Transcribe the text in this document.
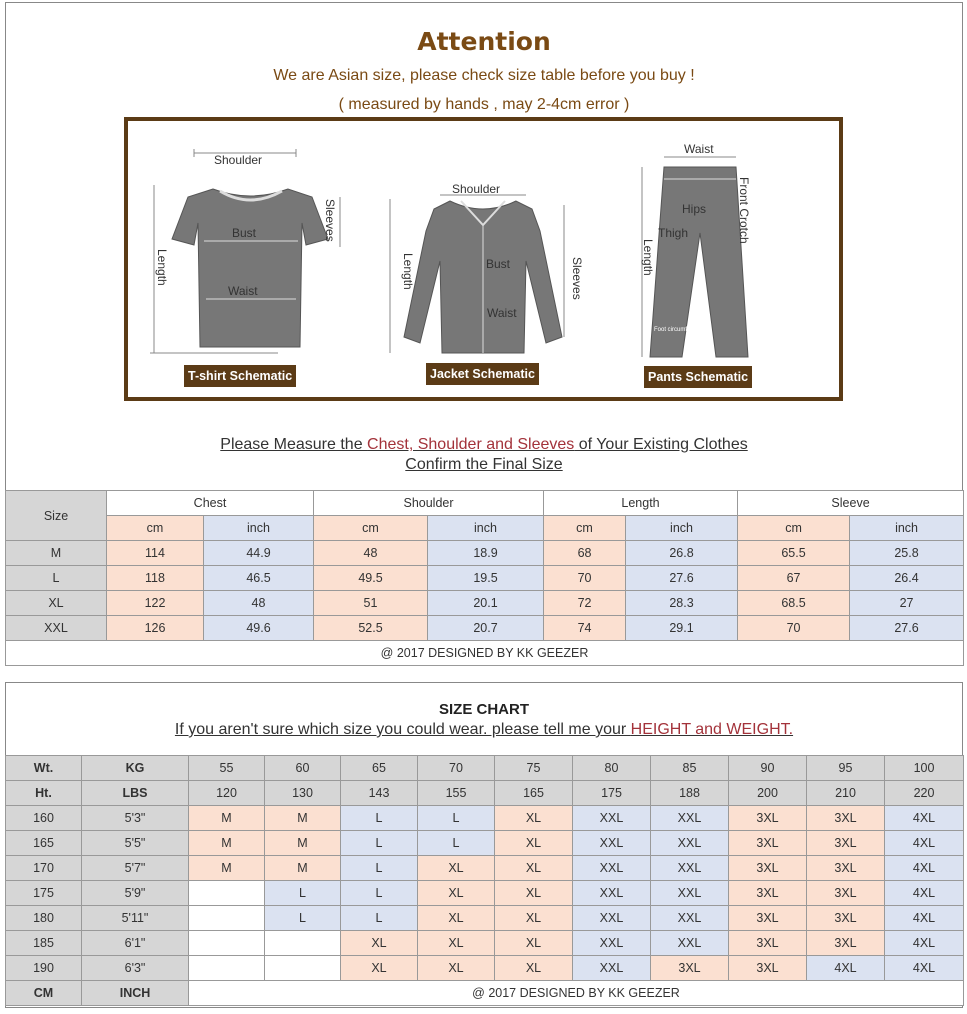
Attention
We are Asian size, please check size table before you buy !
( measured by hands , may 2-4cm error )
Shoulder
Bust
Waist
Length
Sleeves
Shoulder
Bust
Waist
Length	Sleeves
Waist
Hips
Thigh
Length
Front Crotch
Foot circumference
T-shirt Schematic	Jacket Schematic	Pants Schematic
Please Measure the Chest, Shoulder and Sleeves of Your Existing Clothes
Confirm the Final Size
Size	Chest		Shoulder		Length		Sleeve	
	cm	inch	cm	inch	cm	inch	cm	inch
M	114	44.9	48	18.9	68	26.8	65.5	25.8
L	118	46.5	49.5	19.5	70	27.6	67	26.4
XL	122	48	51	20.1	72	28.3	68.5	27
XXL	126	49.6	52.5	20.7	74	29.1	70	27.6
@ 2017 DESIGNED BY KK GEEZER								
SIZE CHART
If you aren't sure which size you could wear. please tell me your HEIGHT and WEIGHT.
Wt.	KG	55	60	65	70	75	80	85	90	95	100
Ht.	LBS	120	130	143	155	165	175	188	200	210	220
160	5'3"	M	M	L	L	XL	XXL	XXL	3XL	3XL	4XL
165	5'5"	M	M	L	L	XL	XXL	XXL	3XL	3XL	4XL
170	5'7"	M	M	L	XL	XL	XXL	XXL	3XL	3XL	4XL
175	5'9"		L	L	XL	XL	XXL	XXL	3XL	3XL	4XL
180	5'11"		L	L	XL	XL	XXL	XXL	3XL	3XL	4XL
185	6'1"			XL	XL	XL	XXL	XXL	3XL	3XL	4XL
190	6'3"			XL	XL	XL	XXL	3XL	3XL	4XL	4XL
CM	INCH	@ 2017 DESIGNED BY KK GEEZER									
